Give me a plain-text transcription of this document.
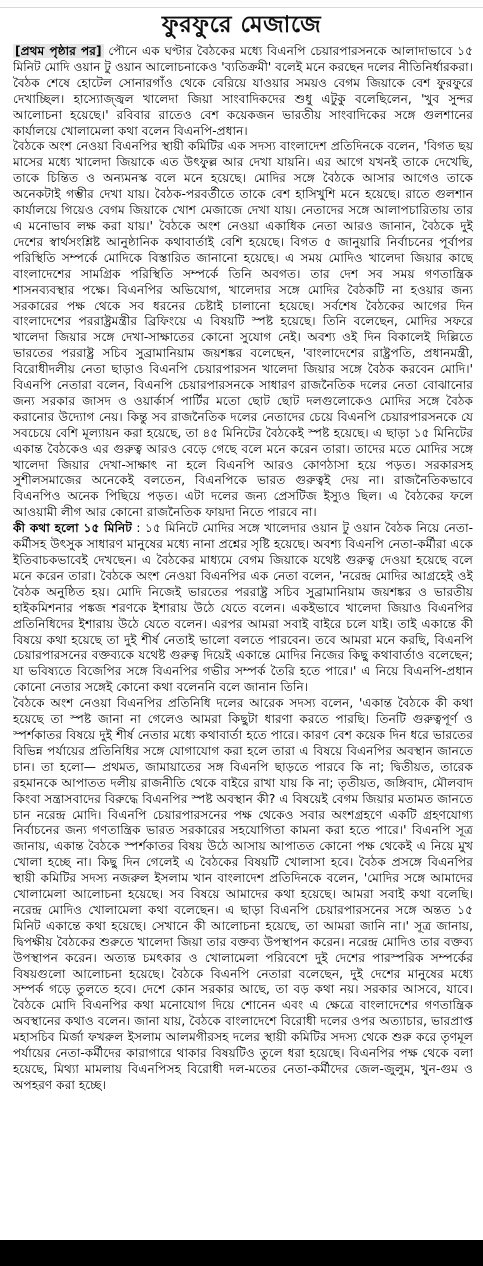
ফুরফুরে মেজাজে

[প্রথম পৃষ্ঠার পর] পৌনে এক ঘণ্টার বৈঠকের মধ্যে বিএনপি চেয়ারপারসনকে আলাদাভাবে ১৫ মিনিট মোদি ওয়ান টু ওয়ান আলোচনাকেও 'ব্যতিক্রমী' বলেই মনে করছেন দলের নীতিনির্ধারকরা। বৈঠক শেষে হোটেল সোনারগাঁও থেকে বেরিয়ে যাওয়ার সময়ও বেগম জিয়াকে বেশ ফুরফুরে দেখাচ্ছিল। হাস্যোজ্জ্বল খালেদা জিয়া সাংবাদিকদের শুধু এটুকু বলেছিলেন, 'খুব সুন্দর আলোচনা হয়েছে।' রবিবার রাতেও বেশ কয়েকজন ভারতীয় সাংবাদিকের সঙ্গে গুলশানের কার্যালয়ে খোলামেলা কথা বলেন বিএনপি-প্রধান।

বৈঠকে অংশ নেওয়া বিএনপির স্থায়ী কমিটির এক সদস্য বাংলাদেশ প্রতিদিনকে বলেন, 'বিগত ছয় মাসের মধ্যে খালেদা জিয়াকে এত উৎফুল্ল আর দেখা যায়নি। এর আগে যখনই তাকে দেখেছি, তাকে চিন্তিত ও অন্যমনস্ক বলে মনে হয়েছে। মোদির সঙ্গে বৈঠকে আসার আগেও তাকে অনেকটাই গম্ভীর দেখা যায়। বৈঠক-পরবর্তীতে তাকে বেশ হাসিখুশি মনে হয়েছে। রাতে গুলশান কার্যালয়ে গিয়েও বেগম জিয়াকে খোশ মেজাজে দেখা যায়। নেতাদের সঙ্গে আলাপচারিতায় তার এ মনোভাব লক্ষ করা যায়।' বৈঠকে অংশ নেওয়া একাধিক নেতা আরও জানান, বৈঠকে দুই দেশের স্বার্থসংশ্লিষ্ট আনুষ্ঠানিক কথাবার্তাই বেশি হয়েছে। বিগত ৫ জানুয়ারি নির্বাচনের পূর্বাপর পরিস্থিতি সম্পর্কে মোদিকে বিস্তারিত জানানো হয়েছে। এ সময় মোদিও খালেদা জিয়ার কাছে বাংলাদেশের সামগ্রিক পরিস্থিতি সম্পর্কে তিনি অবগত। তার দেশ সব সময় গণতান্ত্রিক শাসনব্যবস্থার পক্ষে। বিএনপির অভিযোগ, খালেদার সঙ্গে মোদির বৈঠকটি না হওয়ার জন্য সরকারের পক্ষ থেকে সব ধরনের চেষ্টাই চালানো হয়েছে। সর্বশেষ বৈঠকের আগের দিন বাংলাদেশের পররাষ্ট্রমন্ত্রীর ব্রিফিংয়ে এ বিষয়টি স্পষ্ট হয়েছে। তিনি বলেছেন, মোদির সফরে খালেদা জিয়ার সঙ্গে দেখা-সাক্ষাতের কোনো সুযোগ নেই। অবশ্য ওই দিন বিকালেই দিল্লিতে ভারতের পররাষ্ট্র সচিব সুব্রামানিয়াম জয়শঙ্কর বলেছেন, 'বাংলাদেশের রাষ্ট্রপতি, প্রধানমন্ত্রী, বিরোধীদলীয় নেতা ছাড়াও বিএনপি চেয়ারপারসন খালেদা জিয়ার সঙ্গে বৈঠক করবেন মোদি।' বিএনপি নেতারা বলেন, বিএনপি চেয়ারপারসনকে সাধারণ রাজনৈতিক দলের নেতা বোঝানোর জন্য সরকার জাসদ ও ওয়ার্কার্স পার্টির মতো ছোট ছোট দলগুলোকেও মোদির সঙ্গে বৈঠক করানোর উদ্যোগ নেয়। কিন্তু সব রাজনৈতিক দলের নেতাদের চেয়ে বিএনপি চেয়ারপারসনকে যে সবচেয়ে বেশি মূল্যায়ন করা হয়েছে, তা ৪৫ মিনিটের বৈঠকেই স্পষ্ট হয়েছে। এ ছাড়া ১৫ মিনিটের একান্ত বৈঠকেও এর গুরুত্ব আরও বেড়ে গেছে বলে মনে করেন তারা। তাদের মতে মোদির সঙ্গে খালেদা জিয়ার দেখা-সাক্ষাৎ না হলে বিএনপি আরও কোণঠাসা হয়ে পড়ত। সরকারসহ সুশীলসমাজের অনেকেই বলতেন, বিএনপিকে ভারত গুরুত্বই দেয় না। রাজনৈতিকভাবে বিএনপিও অনেক পিছিয়ে পড়ত। এটা দলের জন্য প্রেসটিজ ইস্যুও ছিল। এ বৈঠকের ফলে আওয়ামী লীগ আর কোনো রাজনৈতিক ফায়দা নিতে পারবে না।

কী কথা হলো ১৫ মিনিট : ১৫ মিনিটে মোদির সঙ্গে খালেদার ওয়ান টু ওয়ান বৈঠক নিয়ে নেতা-কর্মীসহ উৎসুক সাধারণ মানুষের মধ্যে নানা প্রশ্নের সৃষ্টি হয়েছে। অবশ্য বিএনপি নেতা-কর্মীরা একে ইতিবাচকভাবেই দেখছেন। এ বৈঠকের মাধ্যমে বেগম জিয়াকে যথেষ্ট গুরুত্ব দেওয়া হয়েছে বলে মনে করেন তারা। বৈঠকে অংশ নেওয়া বিএনপির এক নেতা বলেন, 'নরেন্দ্র মোদির আগ্রহেই ওই বৈঠক অনুষ্ঠিত হয়। মোদি নিজেই ভারতের পররাষ্ট্র সচিব সুব্রামানিয়াম জয়শঙ্কর ও ভারতীয় হাইকমিশনার পঙ্কজ শরণকে ইশারায় উঠে যেতে বলেন। একইভাবে খালেদা জিয়াও বিএনপির প্রতিনিধিদের ইশারায় উঠে যেতে বলেন। এরপর আমরা সবাই বাইরে চলে যাই। তাই একান্তে কী বিষয়ে কথা হয়েছে তা দুই শীর্ষ নেতাই ভালো বলতে পারবেন। তবে আমরা মনে করছি, বিএনপি চেয়ারপারসনের বক্তব্যকে যথেষ্ট গুরুত্ব দিয়েই একান্তে মোদির নিজের কিছু কথাবার্তাও বলেছেন; যা ভবিষ্যতে বিজেপির সঙ্গে বিএনপির গভীর সম্পর্ক তৈরি হতে পারে।' এ নিয়ে বিএনপি-প্রধান কোনো নেতার সঙ্গেই কোনো কথা বলেননি বলে জানান তিনি।

বৈঠকে অংশ নেওয়া বিএনপির প্রতিনিধি দলের আরেক সদস্য বলেন, 'একান্ত বৈঠকে কী কথা হয়েছে তা স্পষ্ট জানা না গেলেও আমরা কিছুটা ধারণা করতে পারছি। তিনটি গুরুত্বপূর্ণ ও স্পর্শকাতর বিষয়ে দুই শীর্ষ নেতার মধ্যে কথাবার্তা হতে পারে। কারণ বেশ কয়েক দিন ধরে ভারতের বিভিন্ন পর্যায়ের প্রতিনিধির সঙ্গে যোগাযোগ করা হলে তারা এ বিষয়ে বিএনপির অবস্থান জানতে চান। তা হলো— প্রথমত, জামায়াতের সঙ্গ বিএনপি ছাড়তে পারবে কি না; দ্বিতীয়ত, তারেক রহমানকে আপাতত দলীয় রাজনীতি থেকে বাইরে রাখা যায় কি না; তৃতীয়ত, জঙ্গিবাদ, মৌলবাদ কিংবা সন্ত্রাসবাদের বিরুদ্ধে বিএনপির স্পষ্ট অবস্থান কী? এ বিষয়েই বেগম জিয়ার মতামত জানতে চান নরেন্দ্র মোদি। বিএনপি চেয়ারপারসনের পক্ষ থেকেও সবার অংশগ্রহণে একটি গ্রহণযোগ্য নির্বাচনের জন্য গণতান্ত্রিক ভারত সরকারের সহযোগিতা কামনা করা হতে পারে।' বিএনপি সূত্র জানায়, একান্ত বৈঠকে স্পর্শকাতর বিষয় উঠে আসায় আপাতত কোনো পক্ষ থেকেই এ নিয়ে মুখ খোলা হচ্ছে না। কিছু দিন গেলেই এ বৈঠকের বিষয়টি খোলাসা হবে। বৈঠক প্রসঙ্গে বিএনপির স্থায়ী কমিটির সদস্য নজরুল ইসলাম খান বাংলাদেশ প্রতিদিনকে বলেন, 'মোদির সঙ্গে আমাদের খোলামেলা আলোচনা হয়েছে। সব বিষয়ে আমাদের কথা হয়েছে। আমরা সবাই কথা বলেছি। নরেন্দ্র মোদিও খোলামেলা কথা বলেছেন। এ ছাড়া বিএনপি চেয়ারপারসনের সঙ্গে অন্তত ১৫ মিনিট একান্তে কথা হয়েছে। সেখানে কী আলোচনা হয়েছে, তা আমরা জানি না।' সূত্র জানায়, দ্বিপক্ষীয় বৈঠকের শুরুতে খালেদা জিয়া তার বক্তব্য উপস্থাপন করেন। নরেন্দ্র মোদিও তার বক্তব্য উপস্থাপন করেন। অত্যন্ত চমৎকার ও খোলামেলা পরিবেশে দুই দেশের পারস্পরিক সম্পর্কের বিষয়গুলো আলোচনা হয়েছে। বৈঠকে বিএনপি নেতারা বলেছেন, দুই দেশের মানুষের মধ্যে সম্পর্ক গড়ে তুলতে হবে। দেশে কোন সরকার আছে, তা বড় কথা নয়। সরকার আসবে, যাবে। বৈঠকে মোদি বিএনপির কথা মনোযোগ দিয়ে শোনেন এবং এ ক্ষেত্রে বাংলাদেশের গণতান্ত্রিক অবস্থানের কথাও বলেন। জানা যায়, বৈঠকে বাংলাদেশে বিরোধী দলের ওপর অত্যাচার, ভারপ্রাপ্ত মহাসচিব মির্জা ফখরুল ইসলাম আলমগীরসহ দলের স্থায়ী কমিটির সদস্য থেকে শুরু করে তৃণমূল পর্যায়ের নেতা-কর্মীদের কারাগারে থাকার বিষয়টিও তুলে ধরা হয়েছে। বিএনপির পক্ষ থেকে বলা হয়েছে, মিথ্যা মামলায় বিএনপিসহ বিরোধী দল-মতের নেতা-কর্মীদের জেল-জুলুম, খুন-গুম ও অপহরণ করা হচ্ছে।
